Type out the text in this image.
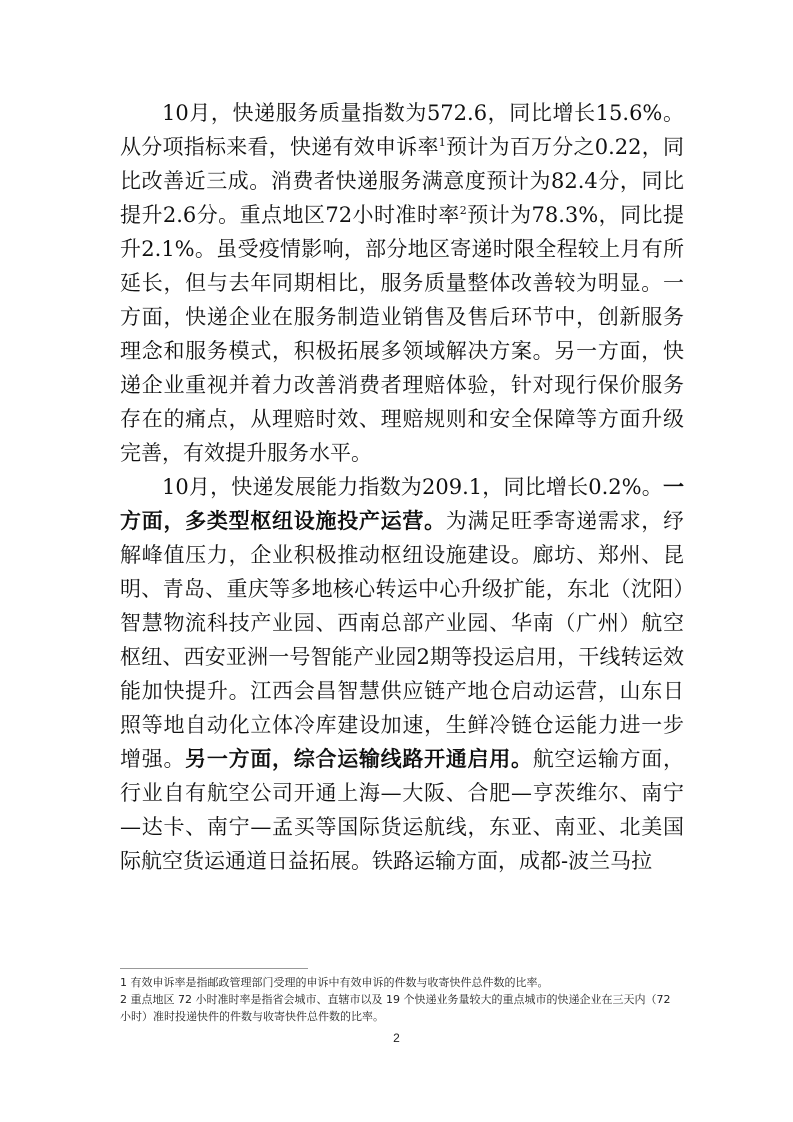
10月，快递服务质量指数为572.6，同比增长15.6%。从分项指标来看，快递有效申诉率$^1$预计为百万分之0.22，同比改善近三成。消费者快递服务满意度预计为82.4分，同比提升2.6分。重点地区72小时准时率$^2$预计为78.3%，同比提升2.1%。虽受疫情影响，部分地区寄递时限全程较上月有所延长，但与去年同期相比，服务质量整体改善较为明显。一方面，快递企业在服务制造业销售及售后环节中，创新服务理念和服务模式，积极拓展多领域解决方案。另一方面，快递企业重视并着力改善消费者理赔体验，针对现行保价服务存在的痛点，从理赔时效、理赔规则和安全保障等方面升级完善，有效提升服务水平。

10月，快递发展能力指数为209.1，同比增长0.2%。一方面，多类型枢纽设施投产运营。为满足旺季寄递需求，纾解峰值压力，企业积极推动枢纽设施建设。廊坊、郑州、昆明、青岛、重庆等多地核心转运中心升级扩能，东北（沈阳）智慧物流科技产业园、西南总部产业园、华南（广州）航空枢纽、西安亚洲一号智能产业园2期等投运启用，干线转运效能加快提升。江西会昌智慧供应链产地仓启动运营，山东日照等地自动化立体冷库建设加速，生鲜冷链仓运能力进一步增强。另一方面，综合运输线路开通启用。航空运输方面，行业自有航空公司开通上海—大阪、合肥—亨茨维尔、南宁—达卡、南宁—孟买等国际货运航线，东亚、南亚、北美国际航空货运通道日益拓展。铁路运输方面，成都-波兰马拉

1 有效申诉率是指邮政管理部门受理的申诉中有效申诉的件数与收寄快件总件数的比率。

2 重点地区 72 小时准时率是指省会城市、直辖市以及 19 个快递业务量较大的重点城市的快递企业在三天内（72 小时）准时投递快件的件数与收寄快件总件数的比率。

2
